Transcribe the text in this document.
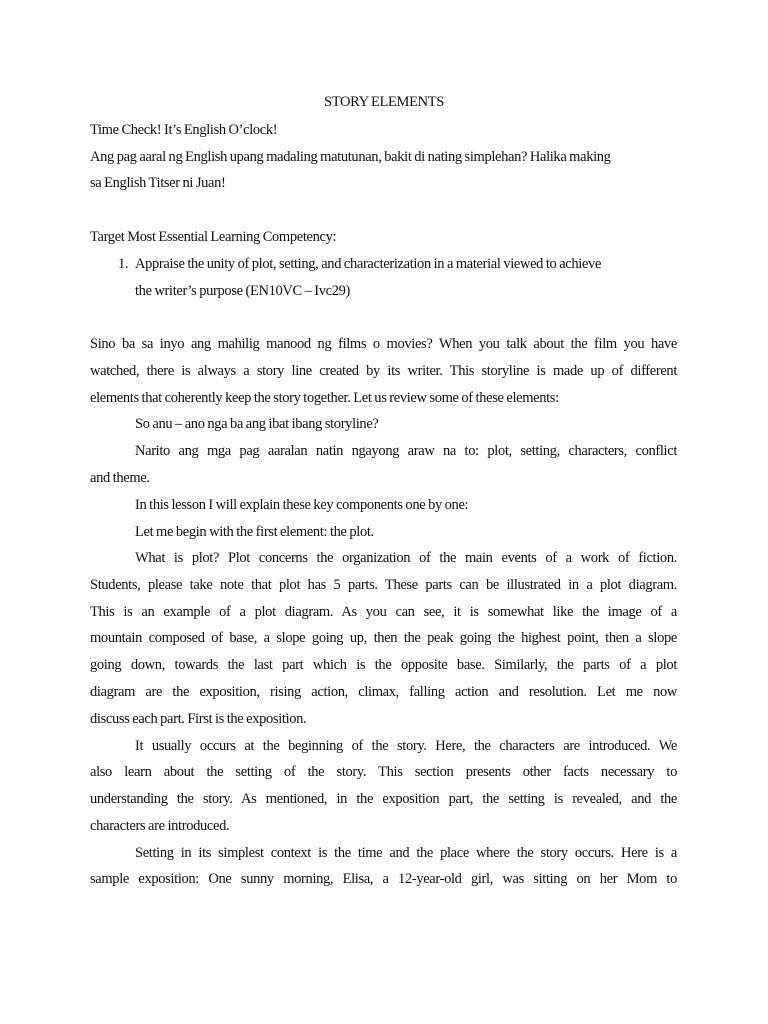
STORY ELEMENTS

Time Check! It’s English O’clock!

Ang pag aaral ng English upang madaling matutunan, bakit di nating simplehan? Halika making

sa English Titser ni Juan!

Target Most Essential Learning Competency:

1. Appraise the unity of plot, setting, and characterization in a material viewed to achieve

the writer’s purpose (EN10VC – Ivc29)

Sino ba sa inyo ang mahilig manood ng films o movies? When you talk about the film you have

watched, there is always a story line created by its writer. This storyline is made up of different

elements that coherently keep the story together. Let us review some of these elements:

So anu – ano nga ba ang ibat ibang storyline?

Narito ang mga pag aaralan natin ngayong araw na to: plot, setting, characters, conflict

and theme.

In this lesson I will explain these key components one by one:

Let me begin with the first element: the plot.

What is plot? Plot concerns the organization of the main events of a work of fiction.

Students, please take note that plot has 5 parts. These parts can be illustrated in a plot diagram.

This is an example of a plot diagram. As you can see, it is somewhat like the image of a

mountain composed of base, a slope going up, then the peak going the highest point, then a slope

going down, towards the last part which is the opposite base. Similarly, the parts of a plot

diagram are the exposition, rising action, climax, falling action and resolution. Let me now

discuss each part. First is the exposition.

It usually occurs at the beginning of the story. Here, the characters are introduced. We

also learn about the setting of the story. This section presents other facts necessary to

understanding the story. As mentioned, in the exposition part, the setting is revealed, and the

characters are introduced.

Setting in its simplest context is the time and the place where the story occurs. Here is a

sample exposition: One sunny morning, Elisa, a 12-year-old girl, was sitting on her Mom to
